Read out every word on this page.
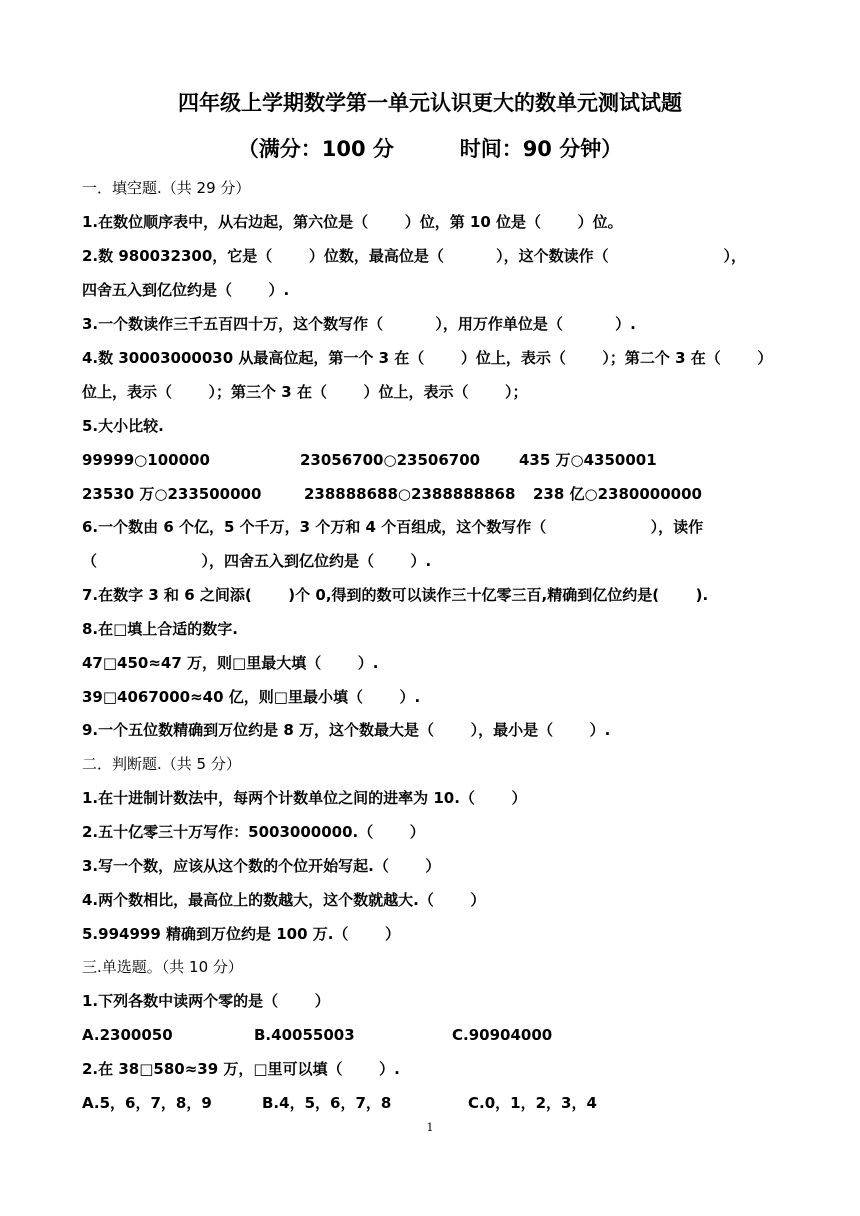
四年级上学期数学第一单元认识更大的数单元测试试题
（满分：100 分         时间：90 分钟）
一．填空题.（共 29 分）
1.在数位顺序表中，从右边起，第六位是（       ）位，第 10 位是（       ）位。
2.数 980032300，它是（       ）位数，最高位是（          ），这个数读作（                      ），
四舍五入到亿位约是（       ）.
3.一个数读作三千五百四十万，这个数写作（          ），用万作单位是（          ）.
4.数 30003000030 从最高位起，第一个 3 在（       ）位上，表示（       ）；第二个 3 在（       ）
位上，表示（       ）；第三个 3 在（       ）位上，表示（       ）；
5.大小比较.
99999○100000	23056700○23506700	435 万○4350001
23530 万○233500000	238888688○2388888868 238 亿○2380000000
6.一个数由 6 个亿，5 个千万，3 个万和 4 个百组成，这个数写作（                    ），读作
（                    ），四舍五入到亿位约是（       ）.
7.在数字 3 和 6 之间添(       )个 0,得到的数可以读作三十亿零三百,精确到亿位约是(       ).
8.在□填上合适的数字.
47□450≈47 万，则□里最大填（       ）.
39□4067000≈40 亿，则□里最小填（       ）.
9.一个五位数精确到万位约是 8 万，这个数最大是（       ），最小是（       ）.
二．判断题.（共 5 分）
1.在十进制计数法中，每两个计数单位之间的进率为 10.（       ）
2.五十亿零三十万写作：5003000000.（       ）
3.写一个数，应该从这个数的个位开始写起.（       ）
4.两个数相比，最高位上的数越大，这个数就越大.（       ）
5.994999 精确到万位约是 100 万.（       ）
三.单选题。（共 10 分）
1.下列各数中读两个零的是（       ）
A.2300050	B.40055003	C.90904000
2.在 38□580≈39 万，□里可以填（       ）.
A.5，6，7，8，9	B.4，5，6，7，8	C.0，1，2，3，4
1
